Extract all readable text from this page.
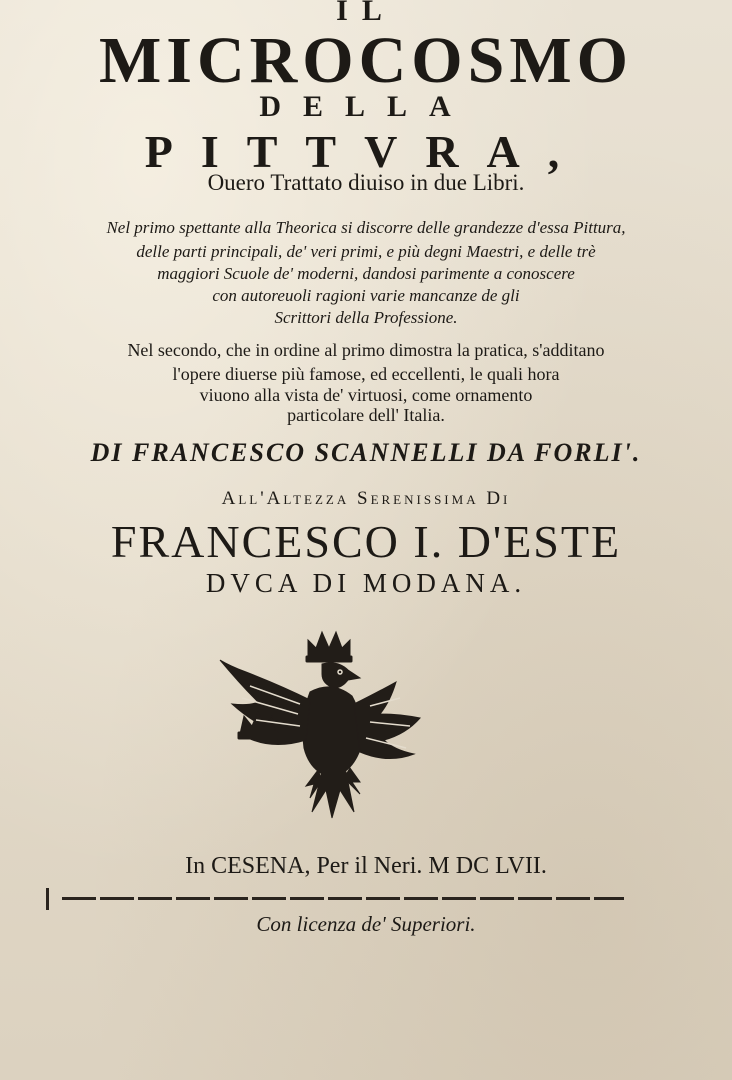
IL
MICROCOSMO
DELLA
PITTVRA,
Ouero Trattato diuiso in due Libri.
Nel primo spettante alla Theorica si discorre delle grandezze d'essa Pittura,
delle parti principali, de' veri primi, e più degni Maestri, e delle trè
maggiori Scuole de' moderni, dandosi parimente a conoscere
con autoreuoli ragioni varie mancanze de gli
Scrittori della Professione.
Nel secondo, che in ordine al primo dimostra la pratica, s'additano
l'opere diuerse più famose, ed eccellenti, le quali hora
viuono alla vista de' virtuosi, come ornamento
particolare dell' Italia.
DI FRANCESCO SCANNELLI DA FORLI'.
All'Altezza Serenissima Di
FRANCESCO I. D'ESTE
DVCA DI MODANA.
In CESENA, Per il Neri. M DC LVII.
Con licenza de' Superiori.
